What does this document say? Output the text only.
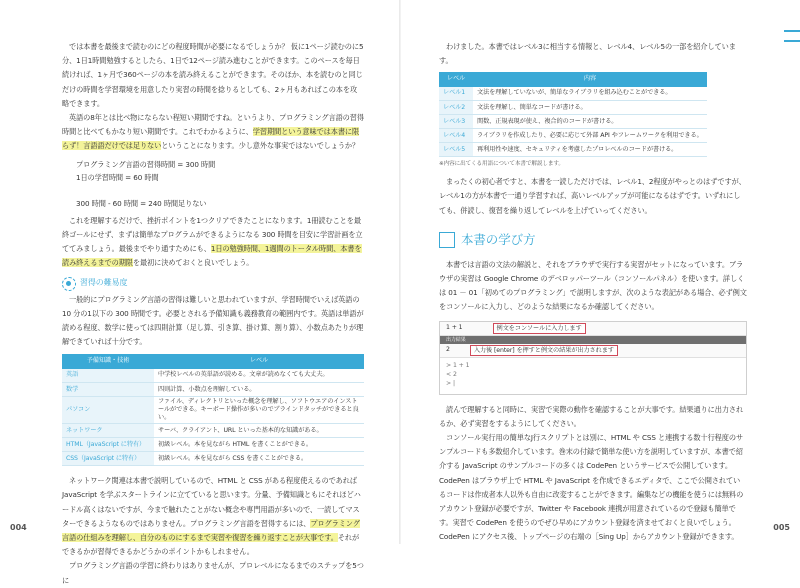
では本書を最後まで読むのにどの程度時間が必要になるでしょうか？ 仮に1ページ読むのに5分、1日1時間勉強するとしたら、1日で12ページ読み進むことができます。このペースを毎日続ければ、1ヶ月で360ページの本を読み終えることができます。そのほか、本を読むのと同じだけの時間を学習環境を用意したり実習の時間を捻りるとしても、2ヶ月もあればこの本を攻略できます。

英語の8年とは比べ物にならない程短い期間ですね。というより、プログラミング言語の習得時間と比べてもかなり短い期間です。これでわかるように、学習期間という意味では本書に限らず！言語語だけでは足りないということになります。少し意外な事実ではないでしょうか？

プログラミング言語の習得時間 = 300 時間
1日の学習時間 = 60 時間

300 時間 - 60 時間 = 240 時間足りない

これを理解するだけで、挫折ポイントを1つクリアできたことになります。1冊読むことを最終ゴールにせず、まずは簡単なプログラムができるようになる 300 時間を目安に学習計画を立ててみましょう。最後までやり通すためにも、1日の勉強時間、1週間のトータル時間、本書を読み終えるまでの期限を最初に決めておくと良いでしょう。

習得の難易度

一般的にプログラミング言語の習得は難しいと思われていますが、学習時間でいえば英語の 10 分の1以下の 300 時間です。必要とされる予備知識も義務教育の範囲内です。英語は単語が読める程度、数学に使っては四則計算（足し算、引き算、掛け算、割り算）、小数点あたりが理解できていれば十分です。

予備知識・技術	レベル
英語	中学校レベルの英単語が読める。文章が読めなくても大丈夫。
数学	四則計算、小数点を理解している。
パソコン	ファイル、ディレクトリといった概念を理解し、ソフトウエアのインストールができる。キーボード操作が多いのでブラインドタッチができると良い。
ネットワーク	サーバ、クライアント、URL といった基本的な知識がある。
HTML（JavaScript に特有）	初級レベル。本を見ながら HTML を書くことができる。
CSS（JavaScript に特有）	初級レベル。本を見ながら CSS を書くことができる。

ネットワーク関連は本書で説明しているので、HTML と CSS がある程度使えるのであれば JavaScript を学ぶスタートラインに立てていると思います。分量、予備知識ともにそれほどハードル高くはないですが、今まで触れたことがない概念や専門用語が多いので、一読してマスターできるようなものではありません。プログラミング言語を習得するには、プログラミング言語の仕組みを理解し、自分のものにするまで実習や復習を繰り返すことが大事です。それができるかが習得できるかどうかのポイントかもしれません。

プログラミング言語の学習に終わりはありませんが、プロレベルになるまでのステップを5つに

004

わけました。本書ではレベル3に相当する情報と、レベル4、レベル5の一部を紹介しています。

レベル	内容
レベル1	文法を理解していないが、簡単なライブラリを組み込むことができる。
レベル2	文法を理解し、簡単なコードが書ける。
レベル3	関数、正規表現が使え、複合的のコードが書ける。
レベル4	ライブラリを作成したり、必要に応じて外部 API やフレームワークを利用できる。
レベル5	再利用性や速度、セキュリティを考慮したプロレベルのコードが書ける。
※内容に出てくる用語について本書で解説します。

まったくの初心者ですと、本書を一読しただけでは、レベル1、2程度がやっとのはずですが、レベル1の方が本書で一通り学習すれば、高いレベルアップが可能になるはずです。いずれにしても、併読し、復習を繰り返してレベルを上げていってください。

本書の学び方

本書では言語の文法の解説と、それをブラウザで実行する実習がセットになっています。ブラウザの実習は Google Chrome のデベロッパーツール（コンソールパネル）を使います。詳しくは 01 － 01「初めてのプログラミング」で説明しますが、次のような表記がある場合、必ず例文をコンソールに入力し、どのような結果になるか確認してください。

1 + 1	例文をコンソールに入力します
出力結果
2	入力後 [enter] を押すと例文の結果が出力されます
> 1 + 1
< 2
> |

読んで理解すると同時に、実習で実際の動作を確認することが大事です。結果通りに出力されるか、必ず実習をするようにしてください。

コンソール実行用の簡単なJ行スクリプトとは別に、HTML や CSS と連携する数十行程度のサンプルコードも多数紹介しています。巻末の付録で簡単な使い方を説明していますが、本書で紹介する JavaScript のサンプルコードの多くは CodePen というサービスで公開しています。CodePen はブラウザ上で HTML や JavaScript を作成できるエディタで、ここで公開されているコードは作成者本人以外も自由に改変することができます。編集などの機能を使うには無料のアカウント登録が必要ですが、Twitter や Facebook 連携が用意されているので登録も簡単です。実習で CodePen を使うのでぜひ早めにアカウント登録を済ませておくと良いでしょう。CodePen にアクセス後、トップページの右端の［Sing Up］からアカウント登録ができます。

005
